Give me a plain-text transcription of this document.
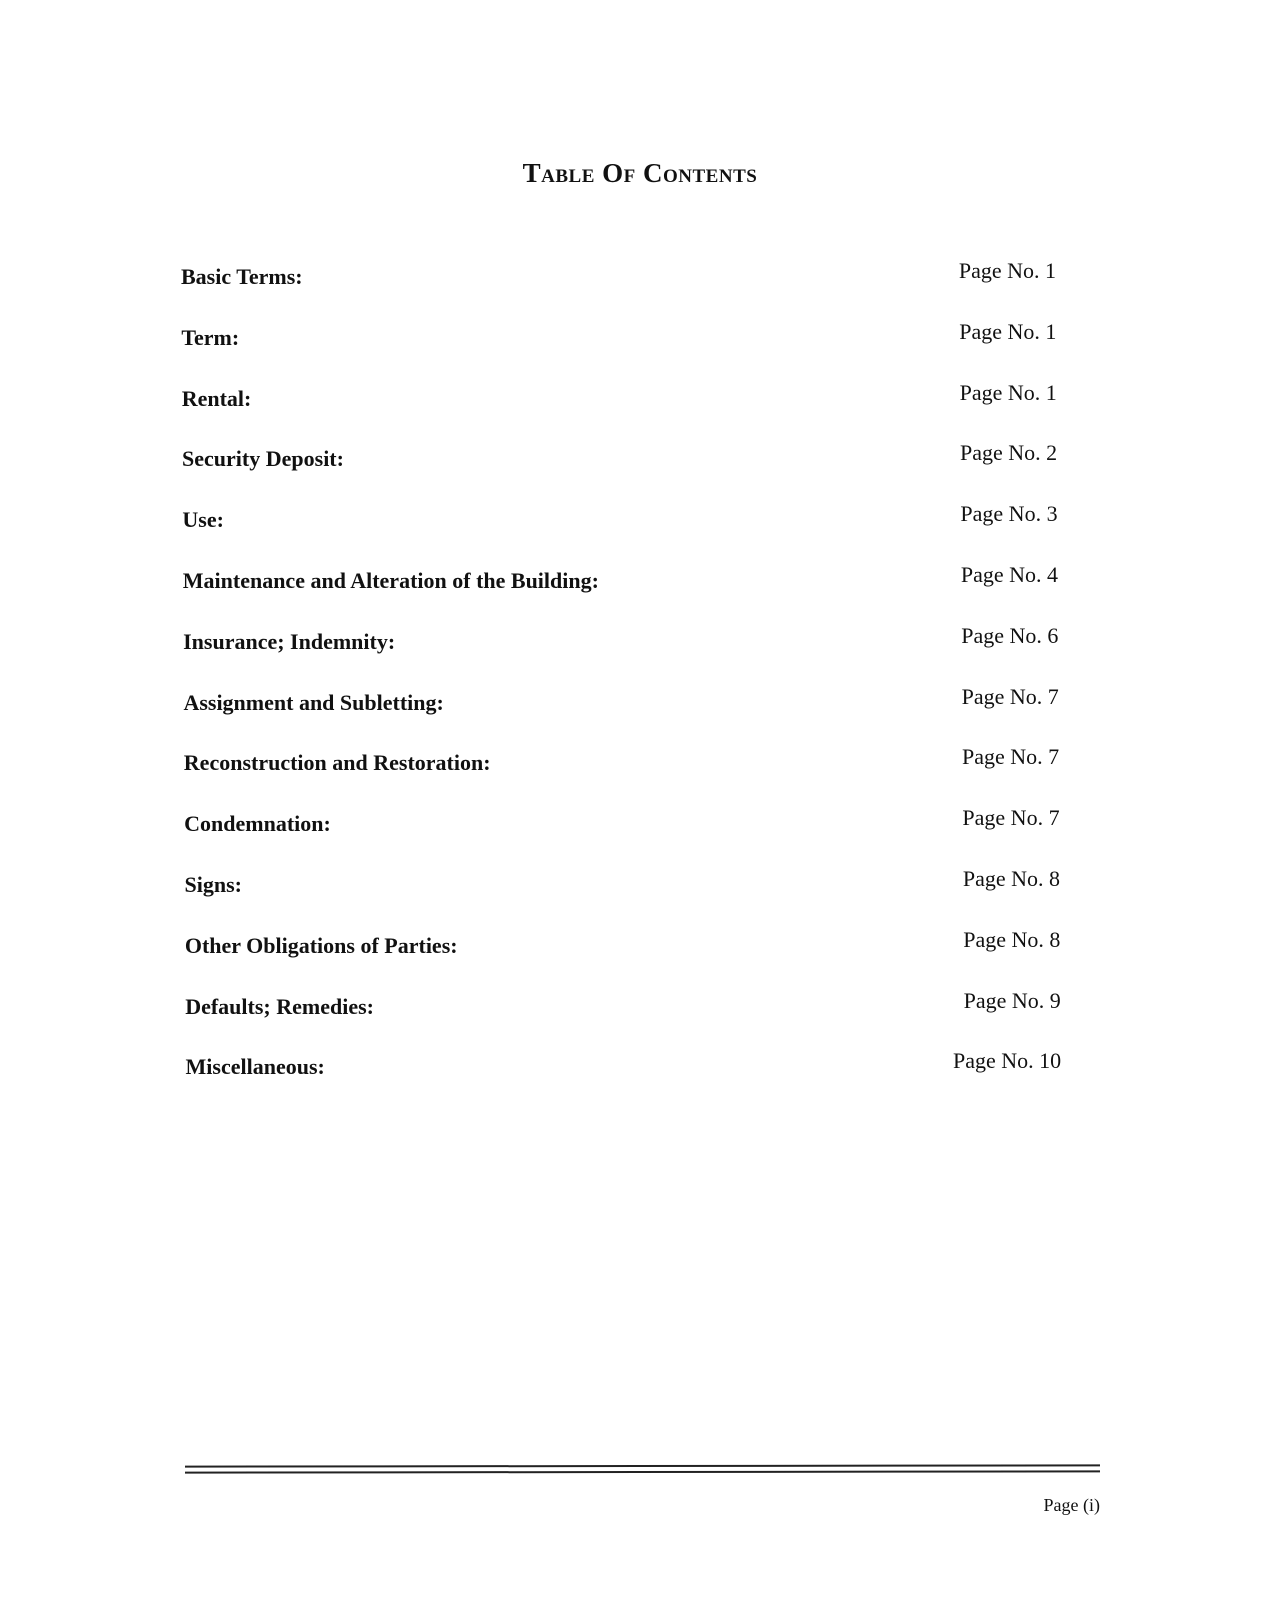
Table Of Contents
Basic Terms:	Page No. 1
Term:	Page No. 1
Rental:	Page No. 1
Security Deposit:	Page No. 2
Use:	Page No. 3
Maintenance and Alteration of the Building:	Page No. 4
Insurance; Indemnity:	Page No. 6
Assignment and Subletting:	Page No. 7
Reconstruction and Restoration:	Page No. 7
Condemnation:	Page No. 7
Signs:	Page No. 8
Other Obligations of Parties:	Page No. 8
Defaults; Remedies:	Page No. 9
Miscellaneous:	Page No. 10
Page (i)
